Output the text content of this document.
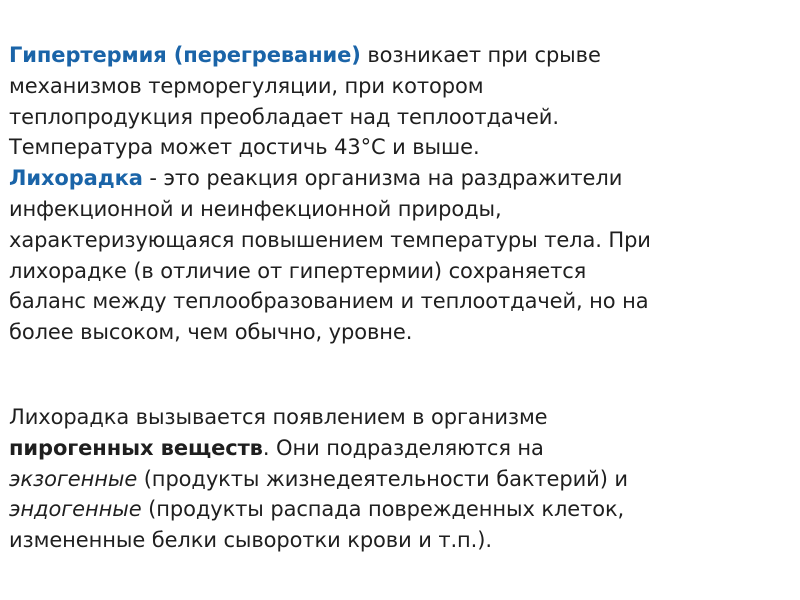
Гипертермия (перегревание) возникает при срыве
механизмов терморегуляции, при котором
теплопродукция преобладает над теплоотдачей.
Температура может достичь 43°С и выше.
Лихорадка - это реакция организма на раздражители
инфекционной и неинфекционной природы,
характеризующаяся повышением температуры тела. При
лихорадке (в отличие от гипертермии) сохраняется
баланс между теплообразованием и теплоотдачей, но на
более высоком, чем обычно, уровне.

Лихорадка вызывается появлением в организме
пирогенных веществ. Они подразделяются на
экзогенные (продукты жизнедеятельности бактерий) и
эндогенные (продукты распада поврежденных клеток,
измененные белки сыворотки крови и т.п.).
